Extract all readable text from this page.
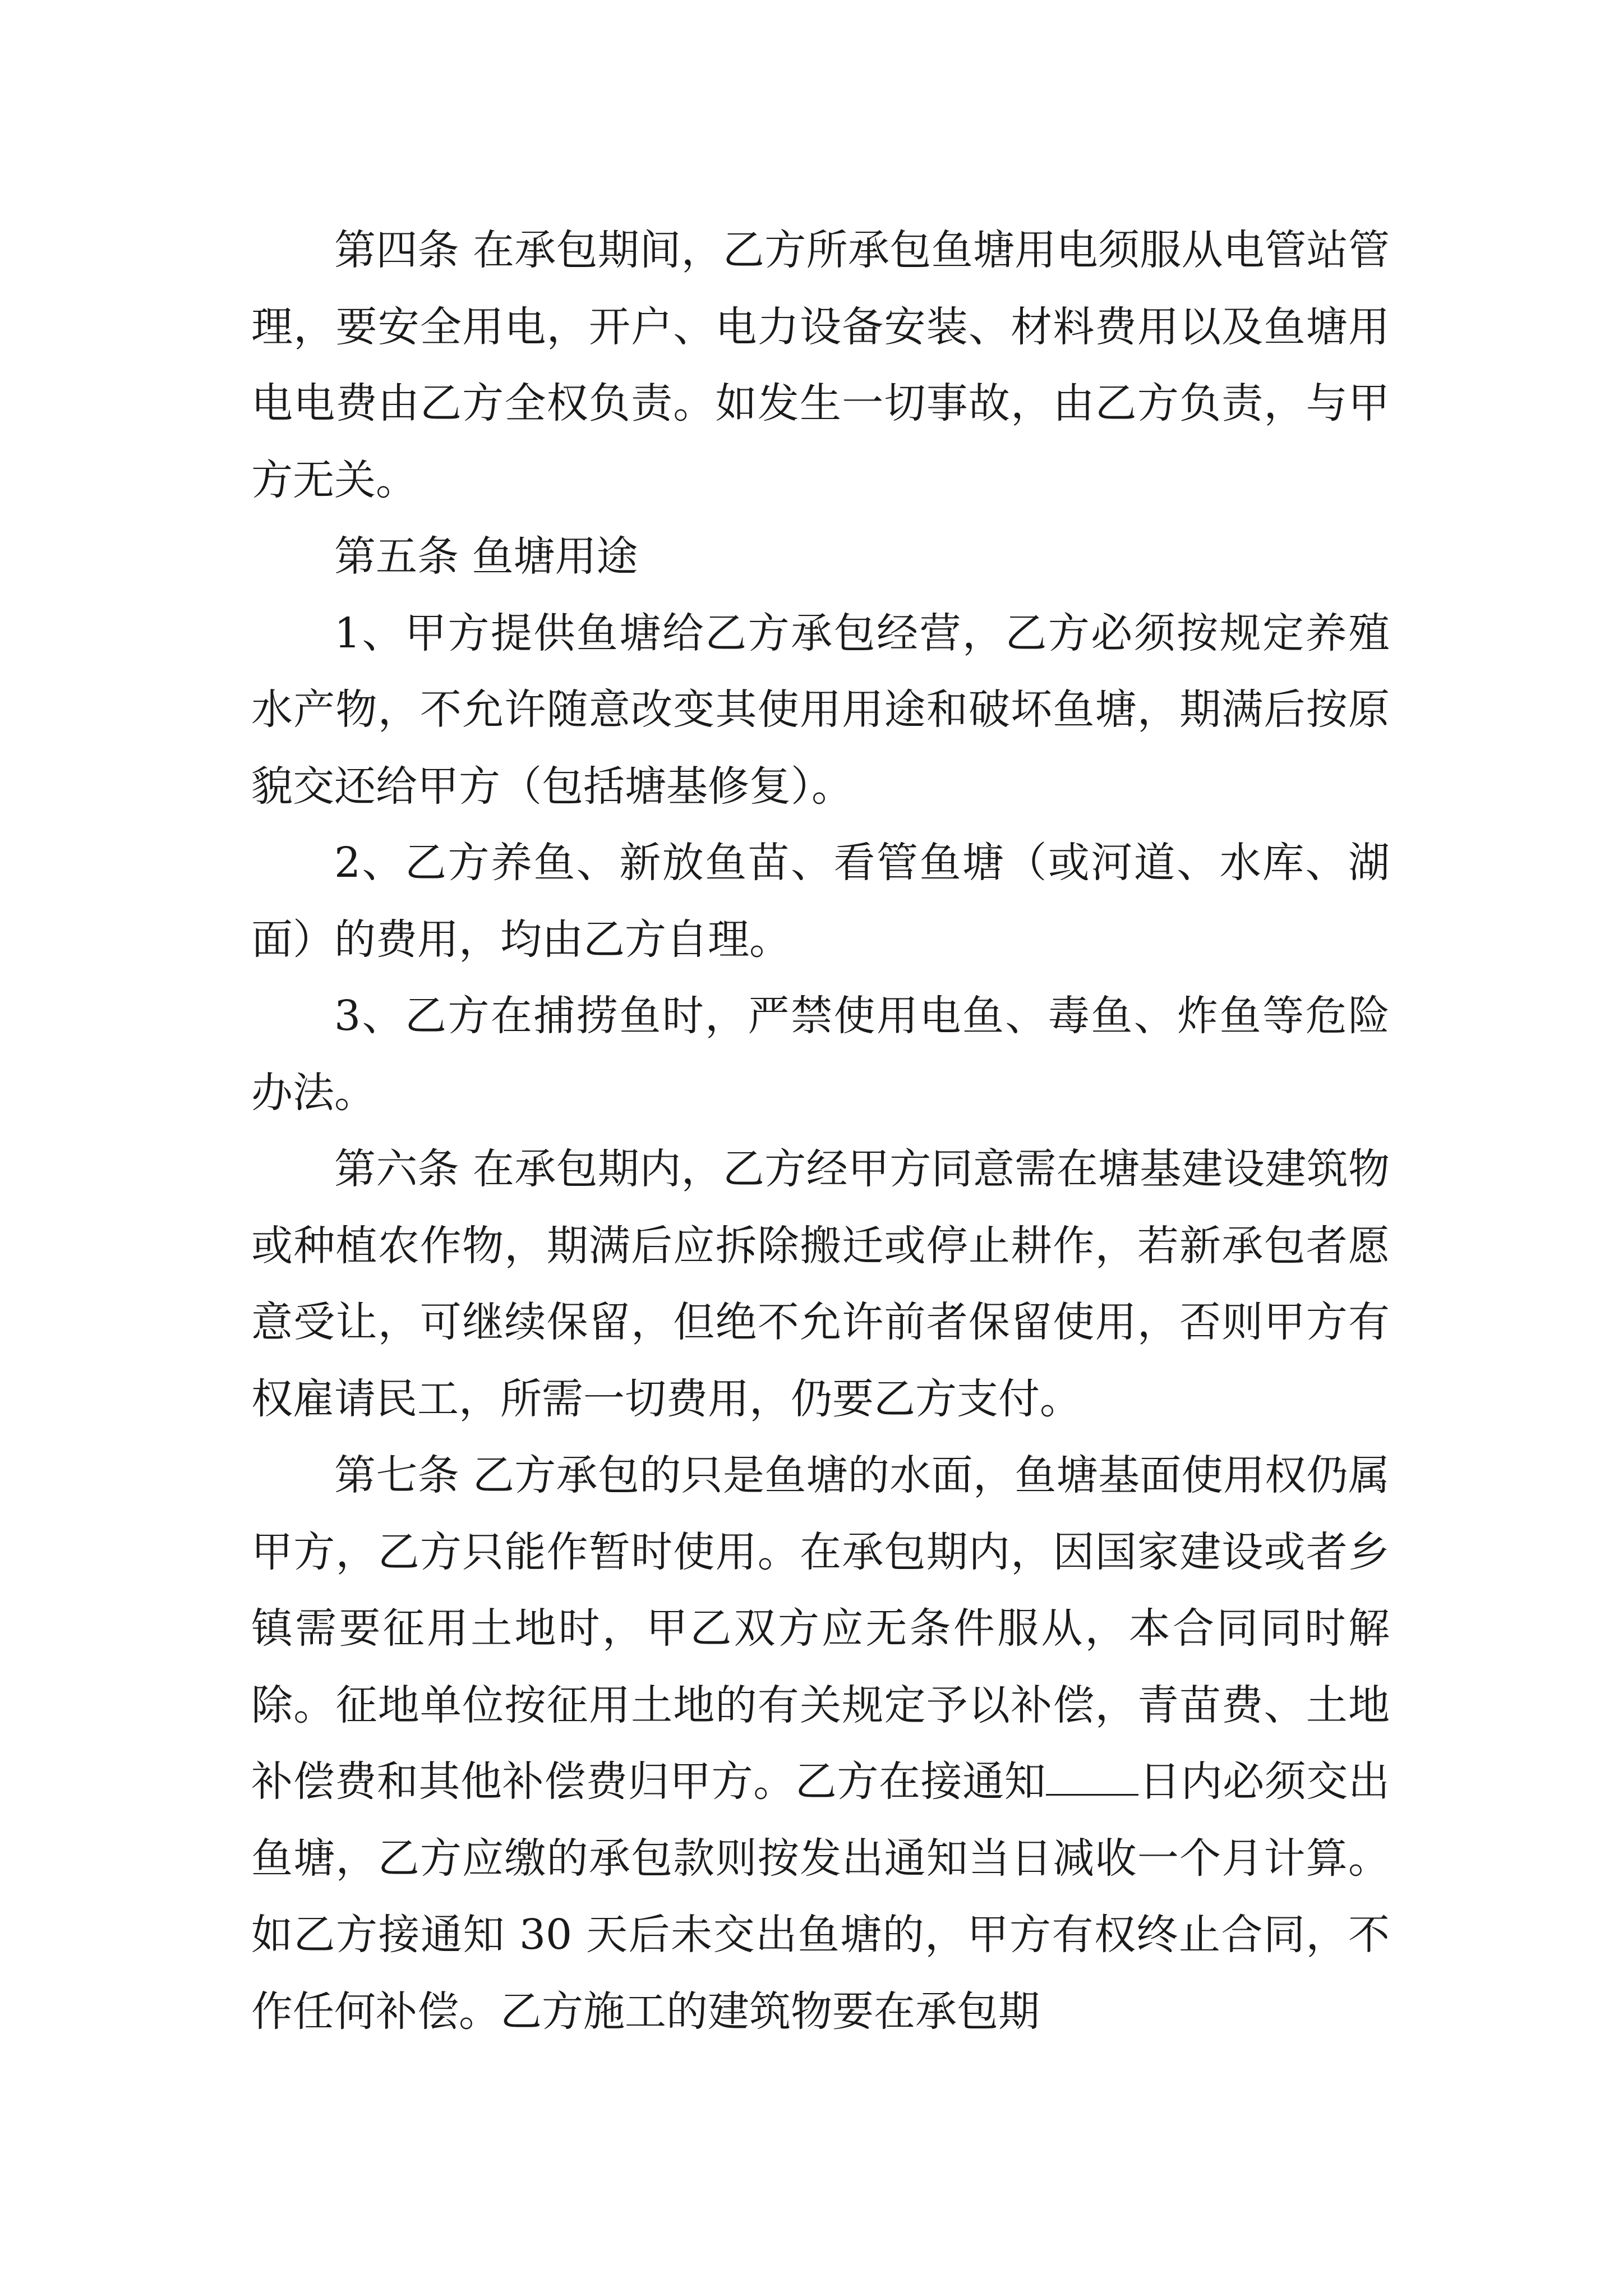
第四条 在承包期间，乙方所承包鱼塘用电须服从电管站管理，要安全用电，开户、电力设备安装、材料费用以及鱼塘用电电费由乙方全权负责。如发生一切事故，由乙方负责，与甲方无关。

第五条 鱼塘用途

1、甲方提供鱼塘给乙方承包经营，乙方必须按规定养殖水产物，不允许随意改变其使用用途和破坏鱼塘，期满后按原貌交还给甲方（包括塘基修复）。

2、乙方养鱼、新放鱼苗、看管鱼塘（或河道、水库、湖面）的费用，均由乙方自理。

3、乙方在捕捞鱼时，严禁使用电鱼、毒鱼、炸鱼等危险办法。

第六条 在承包期内，乙方经甲方同意需在塘基建设建筑物或种植农作物，期满后应拆除搬迁或停止耕作，若新承包者愿意受让，可继续保留，但绝不允许前者保留使用，否则甲方有权雇请民工，所需一切费用，仍要乙方支付。

第七条 乙方承包的只是鱼塘的水面，鱼塘基面使用权仍属甲方，乙方只能作暂时使用。在承包期内，因国家建设或者乡镇需要征用土地时，甲乙双方应无条件服从，本合同同时解除。征地单位按征用土地的有关规定予以补偿，青苗费、土地补偿费和其他补偿费归甲方。乙方在接通知 日内必须交出鱼塘，乙方应缴的承包款则按发出通知当日减收一个月计算。如乙方接通知 30 天后未交出鱼塘的，甲方有权终止合同，不作任何补偿。乙方施工的建筑物要在承包期
